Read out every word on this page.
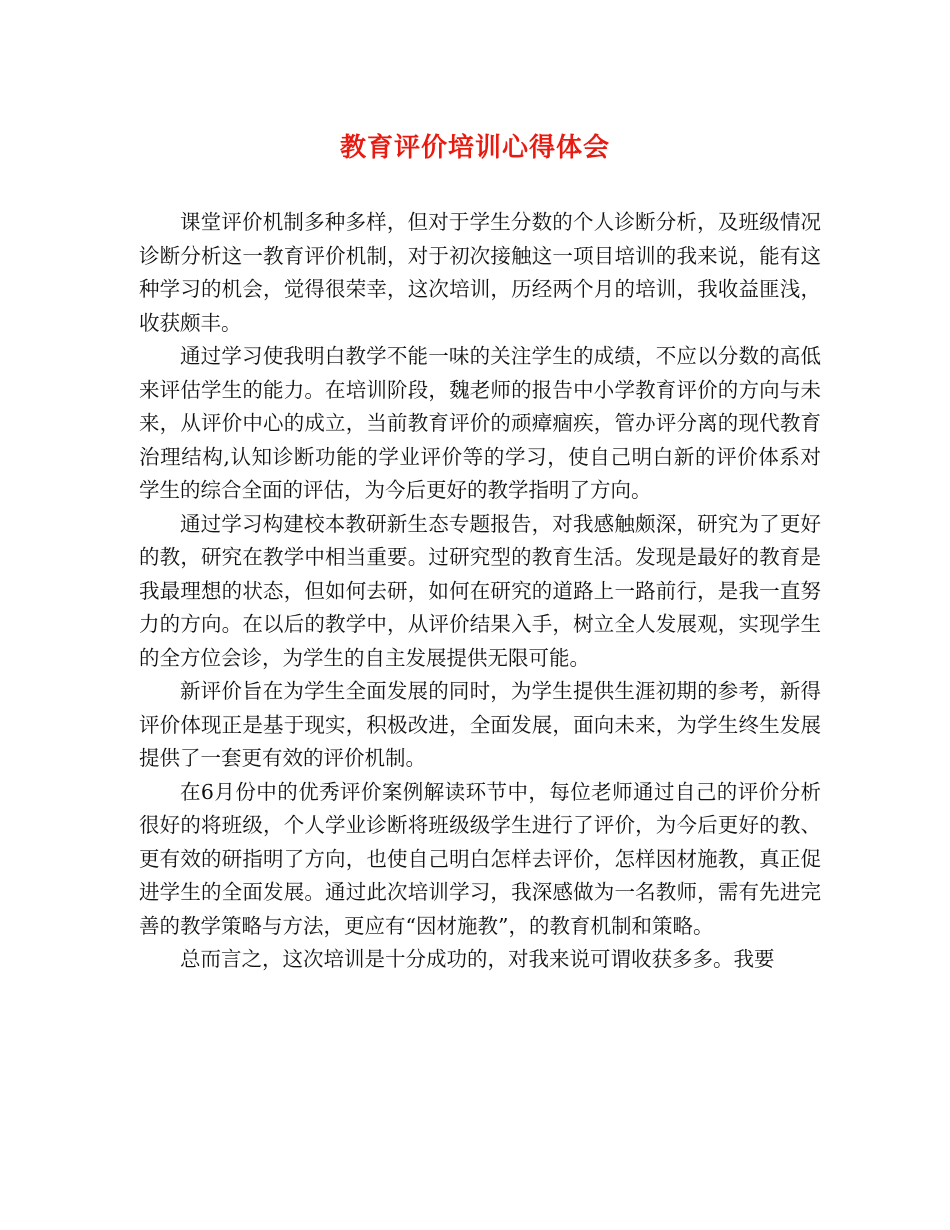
教育评价培训心得体会

课堂评价机制多种多样，但对于学生分数的个人诊断分析，及班级情况诊断分析这一教育评价机制，对于初次接触这一项目培训的我来说，能有这种学习的机会，觉得很荣幸，这次培训，历经两个月的培训，我收益匪浅，收获颇丰。

通过学习使我明白教学不能一味的关注学生的成绩，不应以分数的高低来评估学生的能力。在培训阶段，魏老师的报告中小学教育评价的方向与未来，从评价中心的成立，当前教育评价的顽瘴痼疾，管办评分离的现代教育治理结构,认知诊断功能的学业评价等的学习，使自己明白新的评价体系对学生的综合全面的评估，为今后更好的教学指明了方向。

通过学习构建校本教研新生态专题报告，对我感触颇深，研究为了更好的教，研究在教学中相当重要。过研究型的教育生活。发现是最好的教育是我最理想的状态，但如何去研，如何在研究的道路上一路前行，是我一直努力的方向。在以后的教学中，从评价结果入手，树立全人发展观，实现学生的全方位会诊，为学生的自主发展提供无限可能。

新评价旨在为学生全面发展的同时，为学生提供生涯初期的参考，新得评价体现正是基于现实，积极改进，全面发展，面向未来，为学生终生发展提供了一套更有效的评价机制。

在6月份中的优秀评价案例解读环节中，每位老师通过自己的评价分析很好的将班级，个人学业诊断将班级级学生进行了评价，为今后更好的教、更有效的研指明了方向，也使自己明白怎样去评价，怎样因材施教，真正促进学生的全面发展。通过此次培训学习，我深感做为一名教师，需有先进完善的教学策略与方法，更应有“因材施教”，的教育机制和策略。

总而言之，这次培训是十分成功的，对我来说可谓收获多多。我要
